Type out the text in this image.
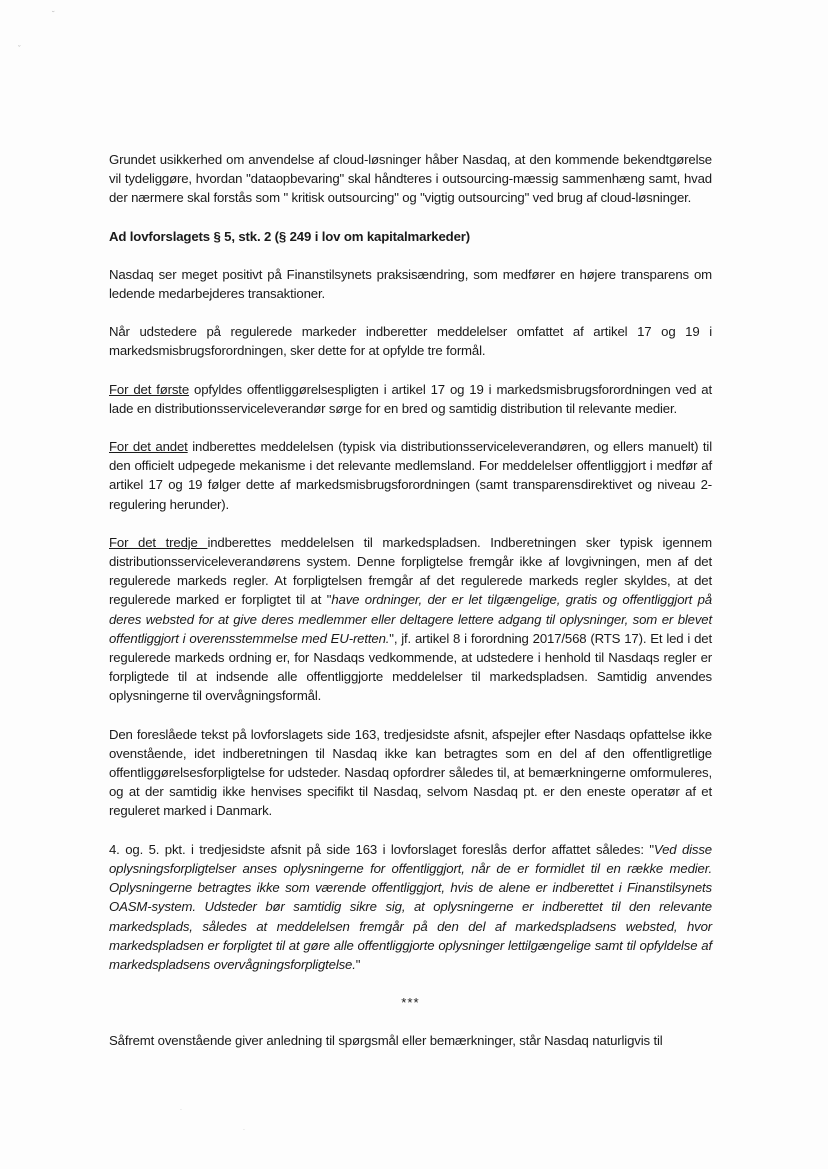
˘
ˬ
˙
˙

Grundet usikkerhed om anvendelse af cloud-løsninger håber Nasdaq, at den kommende bekendtgørelse vil tydeliggøre, hvordan "dataopbevaring" skal håndteres i outsourcing-mæssig sammenhæng samt, hvad der nærmere skal forstås som " kritisk outsourcing" og "vigtig outsourcing" ved brug af cloud-løsninger.

Ad lovforslagets § 5, stk. 2 (§ 249 i lov om kapitalmarkeder)

Nasdaq ser meget positivt på Finanstilsynets praksisændring, som medfører en højere transparens om ledende medarbejderes transaktioner.

Når udstedere på regulerede markeder indberetter meddelelser omfattet af artikel 17 og 19 i markedsmisbrugsforordningen, sker dette for at opfylde tre formål.

For det første opfyldes offentliggørelsespligten i artikel 17 og 19 i markedsmisbrugsforordningen ved at lade en distributionsserviceleverandør sørge for en bred og samtidig distribution til relevante medier.

For det andet indberettes meddelelsen (typisk via distributionsserviceleverandøren, og ellers manuelt) til den officielt udpegede mekanisme i det relevante medlemsland. For meddelelser offentliggjort i medfør af artikel 17 og 19 følger dette af markedsmisbrugsforordningen (samt transparensdirektivet og niveau 2-regulering herunder).

For det tredje indberettes meddelelsen til markedspladsen. Indberetningen sker typisk igennem distributionsserviceleverandørens system. Denne forpligtelse fremgår ikke af lovgivningen, men af det regulerede markeds regler. At forpligtelsen fremgår af det regulerede markeds regler skyldes, at det regulerede marked er forpligtet til at "have ordninger, der er let tilgængelige, gratis og offentliggjort på deres websted for at give deres medlemmer eller deltagere lettere adgang til oplysninger, som er blevet offentliggjort i overensstemmelse med EU-retten.", jf. artikel 8 i forordning 2017/568 (RTS 17). Et led i det regulerede markeds ordning er, for Nasdaqs vedkommende, at udstedere i henhold til Nasdaqs regler er forpligtede til at indsende alle offentliggjorte meddelelser til markedspladsen. Samtidig anvendes oplysningerne til overvågningsformål.

Den foreslåede tekst på lovforslagets side 163, tredjesidste afsnit, afspejler efter Nasdaqs opfattelse ikke ovenstående, idet indberetningen til Nasdaq ikke kan betragtes som en del af den offentligretlige offentliggørelsesforpligtelse for udsteder. Nasdaq opfordrer således til, at bemærkningerne omformuleres, og at der samtidig ikke henvises specifikt til Nasdaq, selvom Nasdaq pt. er den eneste operatør af et reguleret marked i Danmark.

4. og. 5. pkt. i tredjesidste afsnit på side 163 i lovforslaget foreslås derfor affattet således: "Ved disse oplysningsforpligtelser anses oplysningerne for offentliggjort, når de er formidlet til en række medier. Oplysningerne betragtes ikke som værende offentliggjort, hvis de alene er indberettet i Finanstilsynets OASM-system. Udsteder bør samtidig sikre sig, at oplysningerne er indberettet til den relevante markedsplads, således at meddelelsen fremgår på den del af markedspladsens websted, hvor markedspladsen er forpligtet til at gøre alle offentliggjorte oplysninger lettilgængelige samt til opfyldelse af markedspladsens overvågningsforpligtelse."

***

Såfremt ovenstående giver anledning til spørgsmål eller bemærkninger, står Nasdaq naturligvis til
